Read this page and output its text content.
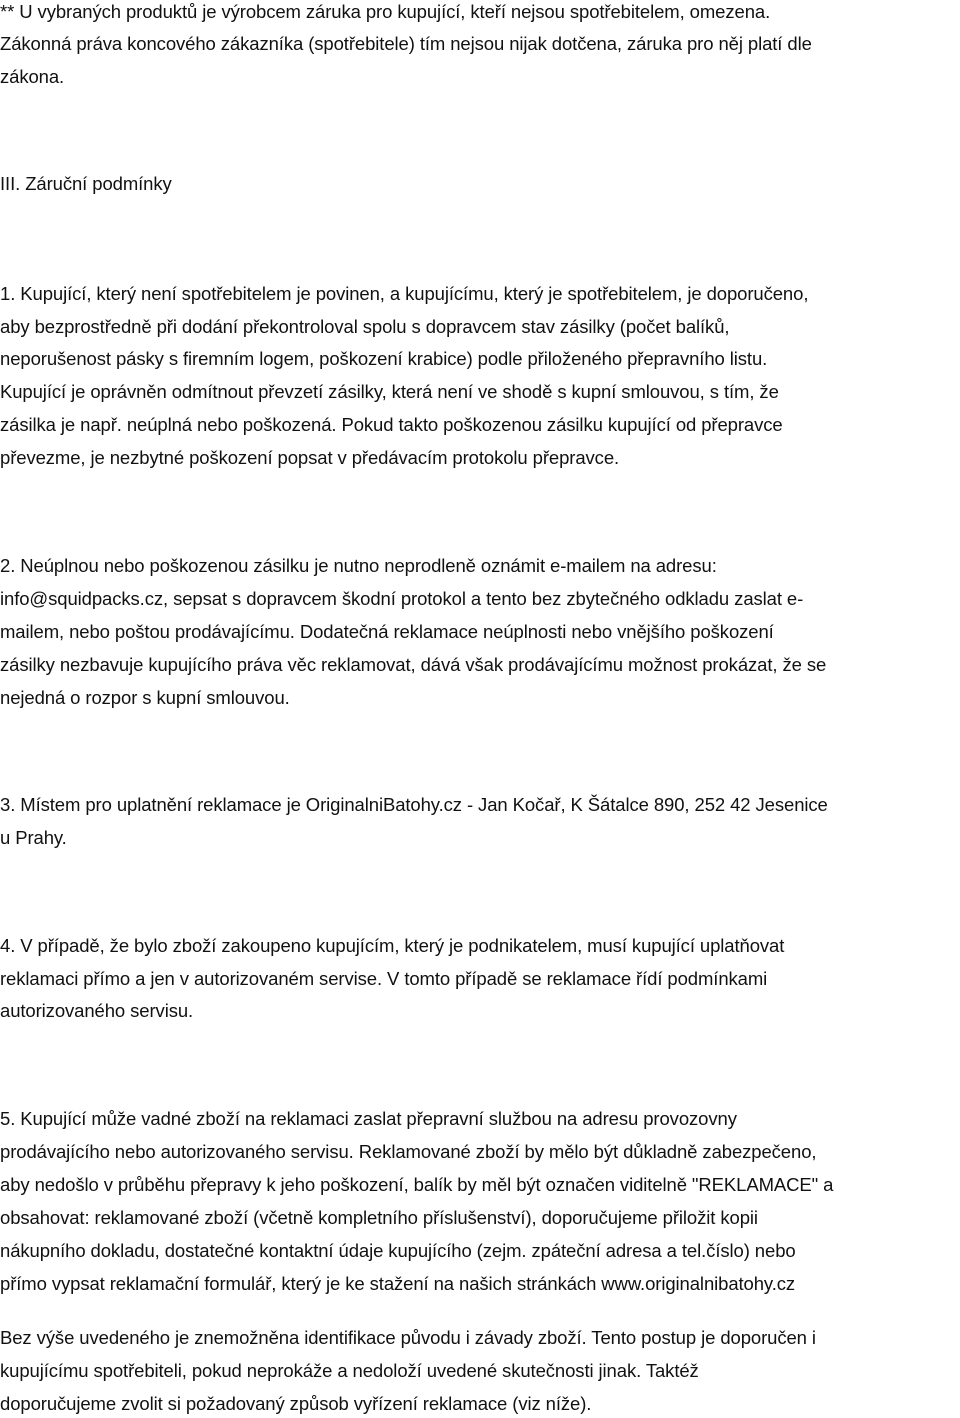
** U vybraných produktů je výrobcem záruka pro kupující, kteří nejsou spotřebitelem, omezena.
Zákonná práva koncového zákazníka (spotřebitele) tím nejsou nijak dotčena, záruka pro něj platí dle
zákona.
III. Záruční podmínky
1. Kupující, který není spotřebitelem je povinen, a kupujícímu, který je spotřebitelem, je doporučeno,
aby bezprostředně při dodání překontroloval spolu s dopravcem stav zásilky (počet balíků,
neporušenost pásky s firemním logem, poškození krabice) podle přiloženého přepravního listu.
Kupující je oprávněn odmítnout převzetí zásilky, která není ve shodě s kupní smlouvou, s tím, že
zásilka je např. neúplná nebo poškozená. Pokud takto poškozenou zásilku kupující od přepravce
převezme, je nezbytné poškození popsat v předávacím protokolu přepravce.
2. Neúplnou nebo poškozenou zásilku je nutno neprodleně oznámit e-mailem na adresu:
info@squidpacks.cz, sepsat s dopravcem škodní protokol a tento bez zbytečného odkladu zaslat e-
mailem, nebo poštou prodávajícímu. Dodatečná reklamace neúplnosti nebo vnějšího poškození
zásilky nezbavuje kupujícího práva věc reklamovat, dává však prodávajícímu možnost prokázat, že se
nejedná o rozpor s kupní smlouvou.
3. Místem pro uplatnění reklamace je OriginalniBatohy.cz - Jan Kočař, K Šátalce 890, 252 42 Jesenice
u Prahy.
4. V případě, že bylo zboží zakoupeno kupujícím, který je podnikatelem, musí kupující uplatňovat
reklamaci přímo a jen v autorizovaném servise. V tomto případě se reklamace řídí podmínkami
autorizovaného servisu.
5. Kupující může vadné zboží na reklamaci zaslat přepravní službou na adresu provozovny
prodávajícího nebo autorizovaného servisu. Reklamované zboží by mělo být důkladně zabezpečeno,
aby nedošlo v průběhu přepravy k jeho poškození, balík by měl být označen viditelně "REKLAMACE" a
obsahovat: reklamované zboží (včetně kompletního příslušenství), doporučujeme přiložit kopii
nákupního dokladu, dostatečné kontaktní údaje kupujícího (zejm. zpáteční adresa a tel.číslo) nebo
přímo vypsat reklamační formulář, který je ke stažení na našich stránkách www.originalnibatohy.cz
Bez výše uvedeného je znemožněna identifikace původu i závady zboží. Tento postup je doporučen i
kupujícímu spotřebiteli, pokud neprokáže a nedoloží uvedené skutečnosti jinak. Taktéž
doporučujeme zvolit si požadovaný způsob vyřízení reklamace (viz níže).
